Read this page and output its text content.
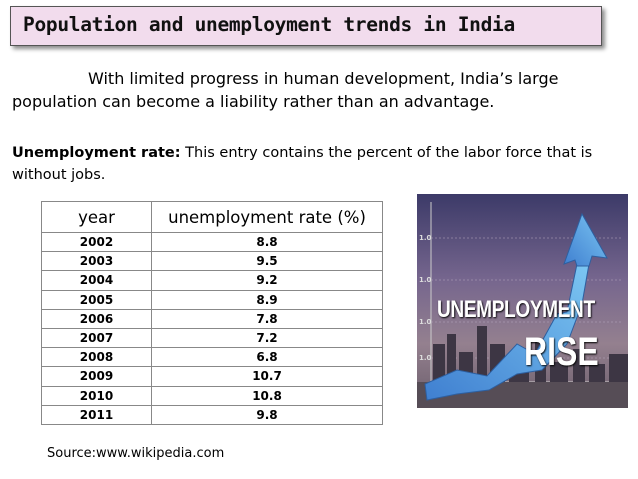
Population and unemployment trends in India
With limited progress in human development, India’s large population can become a liability rather than an advantage.
Unemployment rate: This entry contains the percent of the labor force that is without jobs.
year	unemployment rate (%)
2002	8.8
2003	9.5
2004	9.2
2005	8.9
2006	7.8
2007	7.2
2008	6.8
2009	10.7
2010	10.8
2011	9.8
Source:www.wikipedia.com
1.0
1.0
1.0
1.0
UNEMPLOYMENT
RISE
